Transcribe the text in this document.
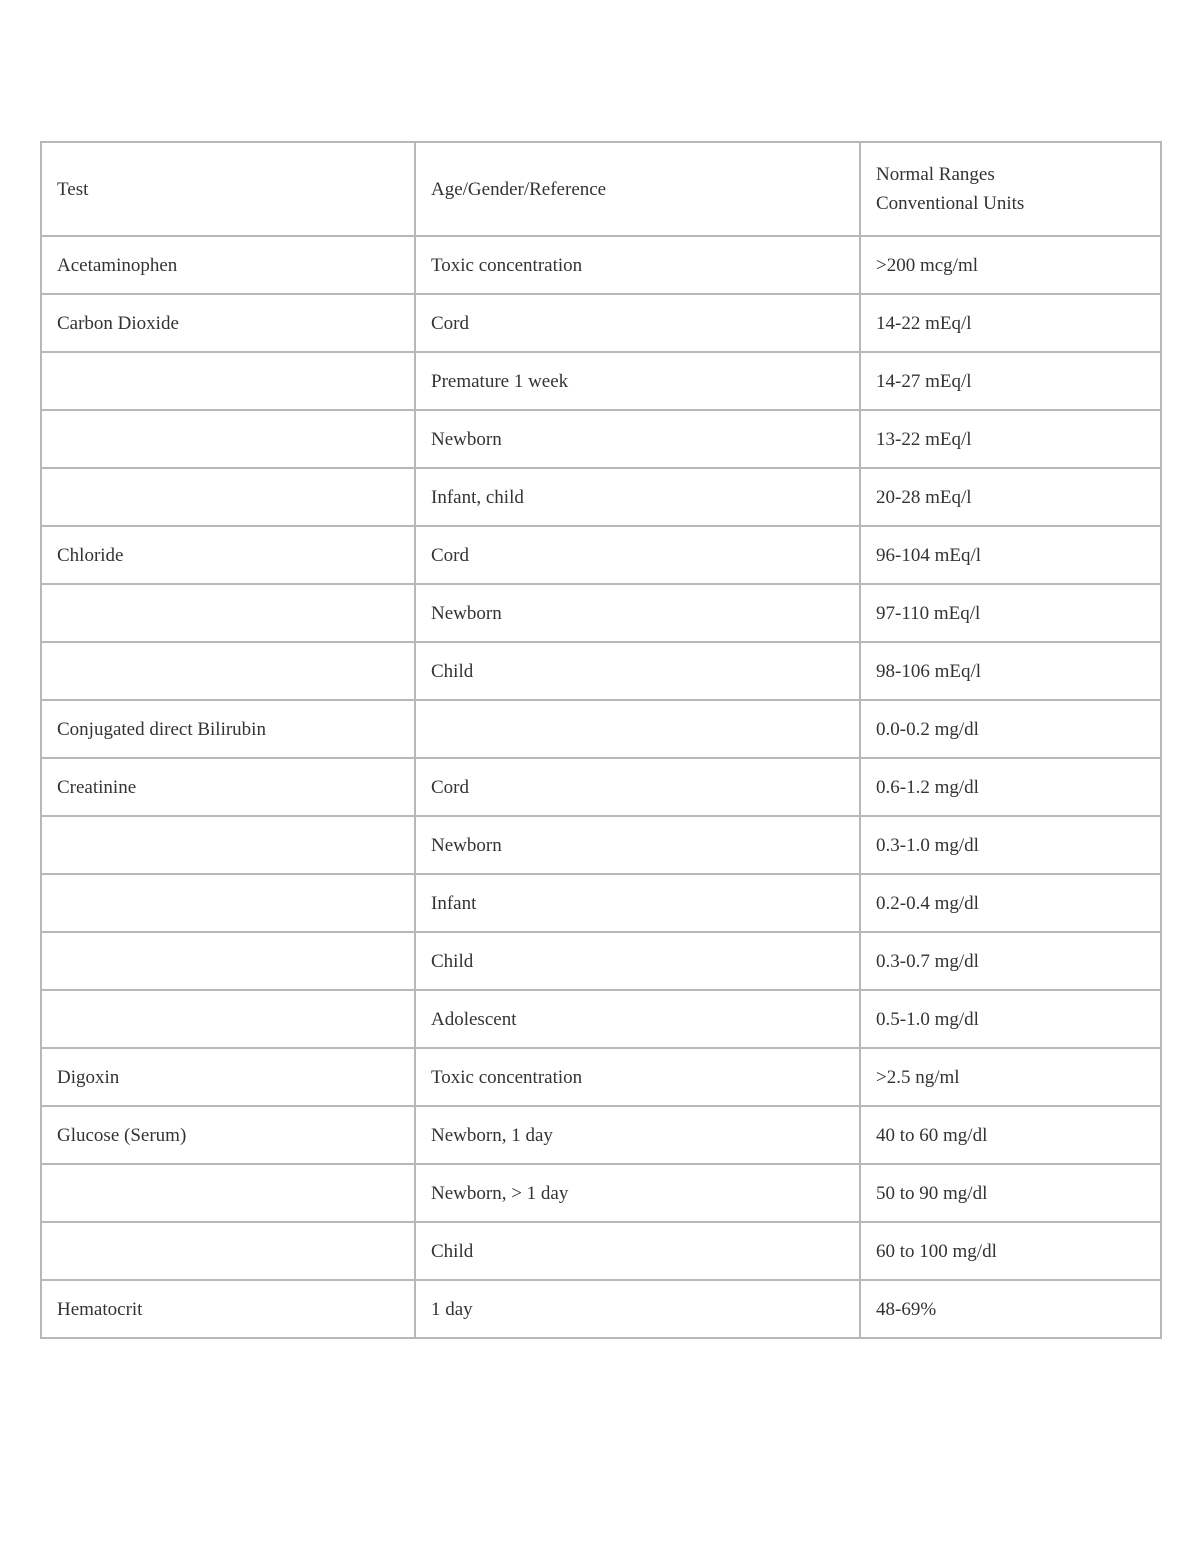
Test	Age/Gender/Reference	Normal Ranges
Conventional Units

Acetaminophen	Toxic concentration	>200 mcg/ml
Carbon Dioxide	Cord	14-22 mEq/l
	Premature 1 week	14-27 mEq/l
	Newborn	13-22 mEq/l
	Infant, child	20-28 mEq/l
Chloride	Cord	96-104 mEq/l
	Newborn	97-110 mEq/l
	Child	98-106 mEq/l
Conjugated direct Bilirubin		0.0-0.2 mg/dl
Creatinine	Cord	0.6-1.2 mg/dl
	Newborn	0.3-1.0 mg/dl
	Infant	0.2-0.4 mg/dl
	Child	0.3-0.7 mg/dl
	Adolescent	0.5-1.0 mg/dl
Digoxin	Toxic concentration	>2.5 ng/ml
Glucose (Serum)	Newborn, 1 day	40 to 60 mg/dl
	Newborn, > 1 day	50 to 90 mg/dl
	Child	60 to 100 mg/dl
Hematocrit	1 day	48-69%
